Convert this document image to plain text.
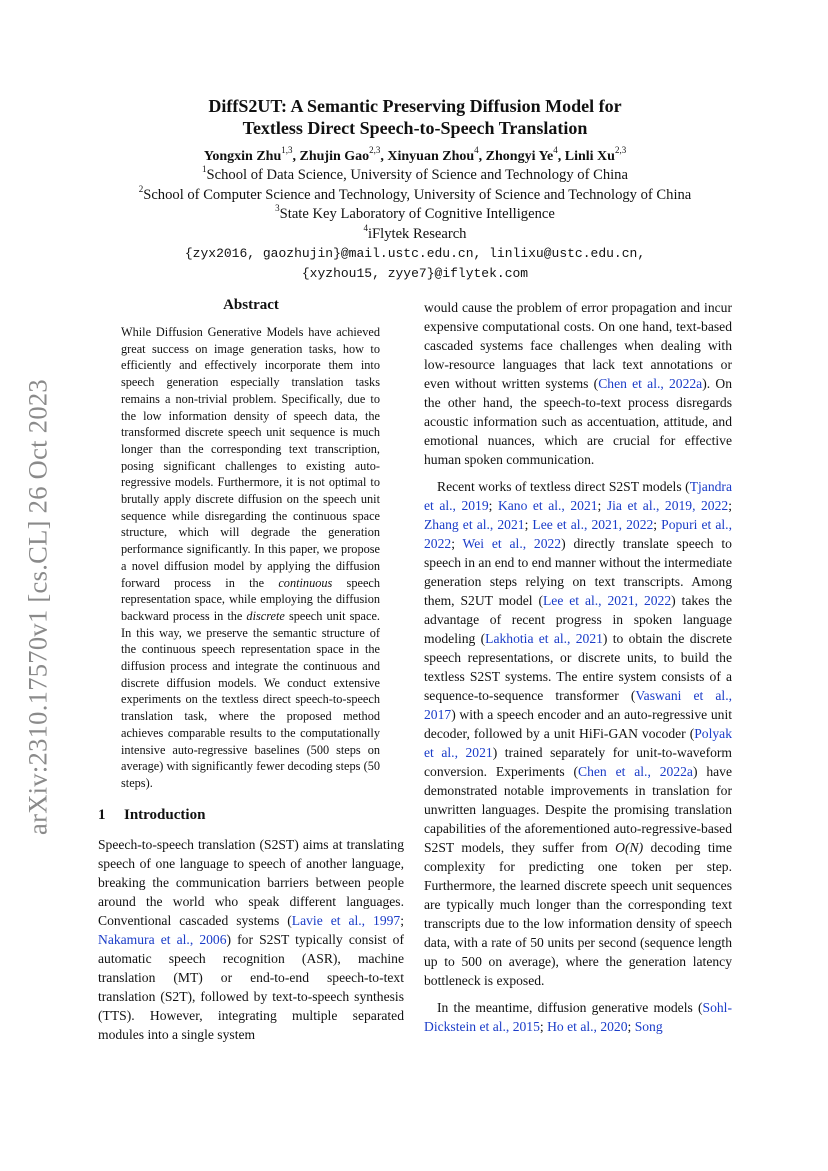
arXiv:2310.17570v1 [cs.CL] 26 Oct 2023
DiffS2UT: A Semantic Preserving Diffusion Model for
Textless Direct Speech-to-Speech Translation
Yongxin Zhu$^{1,3}$, Zhujin Gao$^{2,3}$, Xinyuan Zhou$^4$, Zhongyi Ye$^4$, Linli Xu$^{2,3}$
$^1$School of Data Science, University of Science and Technology of China
$^2$School of Computer Science and Technology, University of Science and Technology of China
$^3$State Key Laboratory of Cognitive Intelligence
$^4$iFlytek Research
{zyx2016, gaozhujin}@mail.ustc.edu.cn, linlixu@ustc.edu.cn,
{xyzhou15, zyye7}@iflytek.com
Abstract

While Diffusion Generative Models have achieved great success on image generation tasks, how to efficiently and effectively incorporate them into speech generation especially translation tasks remains a non-trivial problem. Specifically, due to the low information density of speech data, the transformed discrete speech unit sequence is much longer than the corresponding text transcription, posing significant challenges to existing auto-regressive models. Furthermore, it is not optimal to brutally apply discrete diffusion on the speech unit sequence while disregarding the continuous space structure, which will degrade the generation performance significantly. In this paper, we propose a novel diffusion model by applying the diffusion forward process in the continuous speech representation space, while employing the diffusion backward process in the discrete speech unit space. In this way, we preserve the semantic structure of the continuous speech representation space in the diffusion process and integrate the continuous and discrete diffusion models. We conduct extensive experiments on the textless direct speech-to-speech translation task, where the proposed method achieves comparable results to the computationally intensive auto-regressive baselines (500 steps on average) with significantly fewer decoding steps (50 steps).

1 Introduction

Speech-to-speech translation (S2ST) aims at translating speech of one language to speech of another language, breaking the communication barriers between people around the world who speak different languages. Conventional cascaded systems (Lavie et al., 1997; Nakamura et al., 2006) for S2ST typically consist of automatic speech recognition (ASR), machine translation (MT) or end-to-end speech-to-text translation (S2T), followed by text-to-speech synthesis (TTS). However, integrating multiple separated modules into a single system

would cause the problem of error propagation and incur expensive computational costs. On one hand, text-based cascaded systems face challenges when dealing with low-resource languages that lack text annotations or even without written systems (Chen et al., 2022a). On the other hand, the speech-to-text process disregards acoustic information such as accentuation, attitude, and emotional nuances, which are crucial for effective human spoken communication.

Recent works of textless direct S2ST models (Tjandra et al., 2019; Kano et al., 2021; Jia et al., 2019, 2022; Zhang et al., 2021; Lee et al., 2021, 2022; Popuri et al., 2022; Wei et al., 2022) directly translate speech to speech in an end to end manner without the intermediate generation steps relying on text transcripts. Among them, S2UT model (Lee et al., 2021, 2022) takes the advantage of recent progress in spoken language modeling (Lakhotia et al., 2021) to obtain the discrete speech representations, or discrete units, to build the textless S2ST systems. The entire system consists of a sequence-to-sequence transformer (Vaswani et al., 2017) with a speech encoder and an auto-regressive unit decoder, followed by a unit HiFi-GAN vocoder (Polyak et al., 2021) trained separately for unit-to-waveform conversion. Experiments (Chen et al., 2022a) have demonstrated notable improvements in translation for unwritten languages. Despite the promising translation capabilities of the aforementioned auto-regressive-based S2ST models, they suffer from O(N) decoding time complexity for predicting one token per step. Furthermore, the learned discrete speech unit sequences are typically much longer than the corresponding text transcripts due to the low information density of speech data, with a rate of 50 units per second (sequence length up to 500 on average), where the generation latency bottleneck is exposed.

In the meantime, diffusion generative models (Sohl-Dickstein et al., 2015; Ho et al., 2020; Song
